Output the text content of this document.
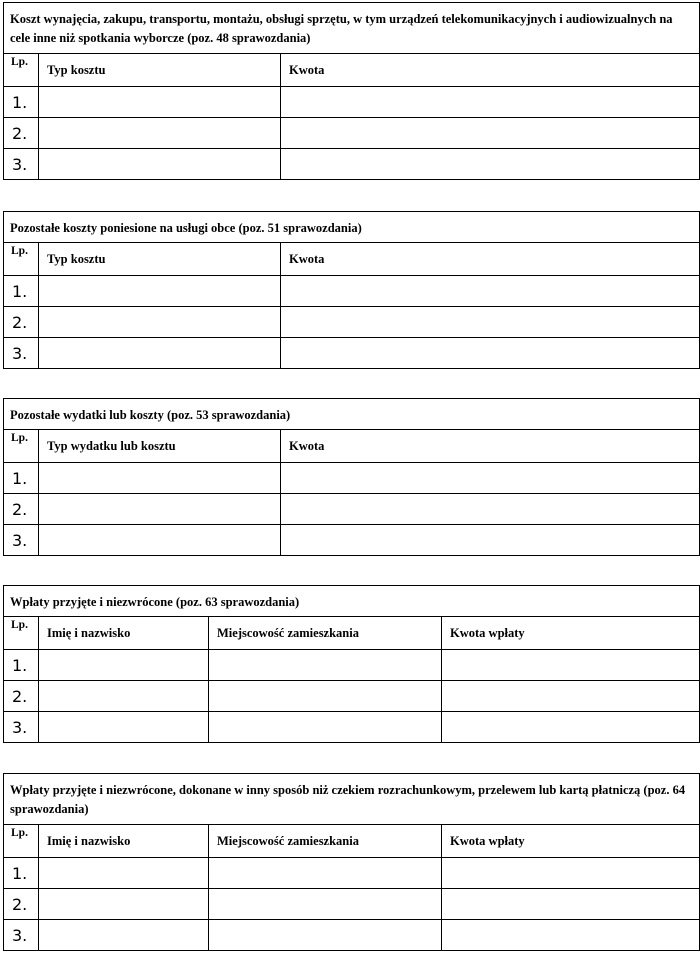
Koszt wynajęcia, zakupu, transportu, montażu, obsługi sprzętu, w tym urządzeń telekomunikacyjnych i audiowizualnych na cele inne niż spotkania wyborcze (poz. 48 sprawozdania)		
Lp.	Typ kosztu	Kwota
1.		
2.		
3.		
Pozostałe koszty poniesione na usługi obce (poz. 51 sprawozdania)		
Lp.	Typ kosztu	Kwota
1.		
2.		
3.		
Pozostałe wydatki lub koszty (poz. 53 sprawozdania)		
Lp.	Typ wydatku lub kosztu	Kwota
1.		
2.		
3.		
Wpłaty przyjęte i niezwrócone (poz. 63 sprawozdania)			
Lp.	Imię i nazwisko	Miejscowość zamieszkania	Kwota wpłaty
1.			
2.			
3.			
Wpłaty przyjęte i niezwrócone, dokonane w inny sposób niż czekiem rozrachunkowym, przelewem lub kartą płatniczą (poz. 64 sprawozdania)			
Lp.	Imię i nazwisko	Miejscowość zamieszkania	Kwota wpłaty
1.			
2.			
3.			
